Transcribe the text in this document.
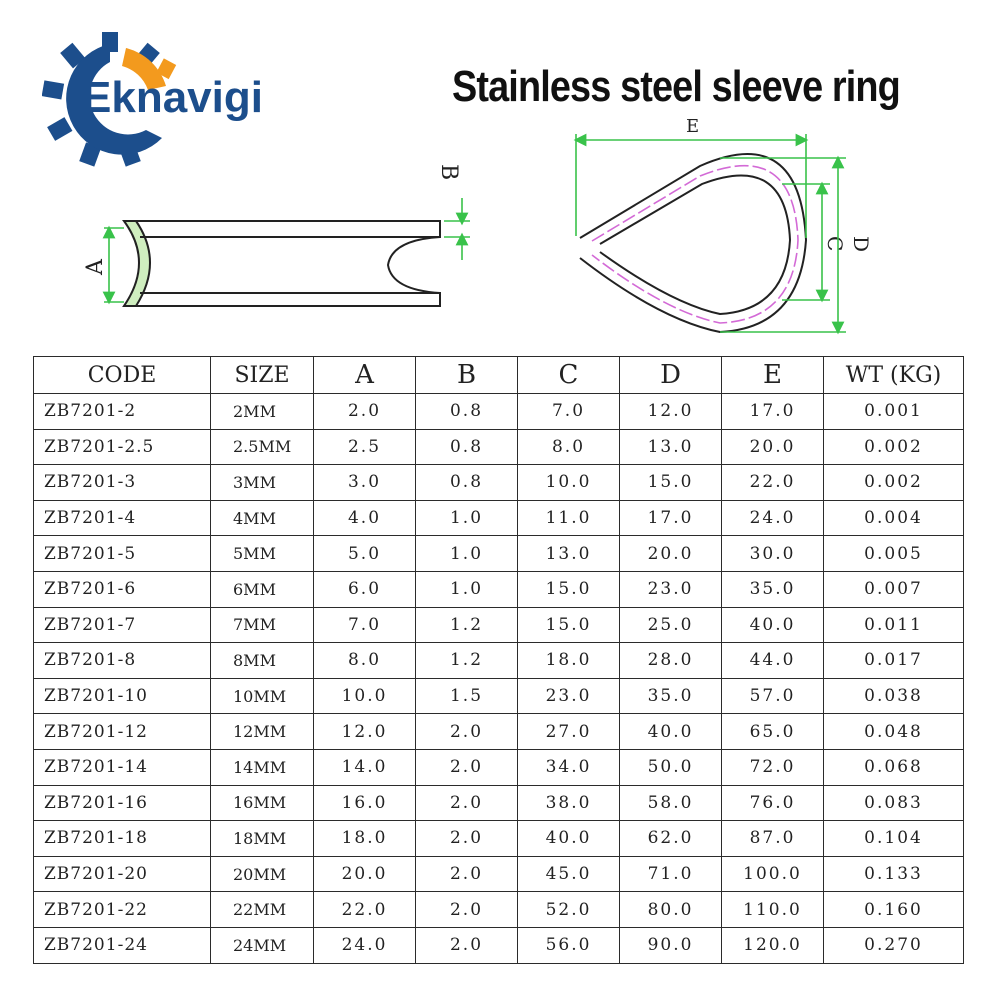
Eknavigi	Stainless steel sleeve ring
A
B
E
C D
CODE	SIZE	A	B	C	D	E	WT (KG)
ZB7201-2	2MM	2.0	0.8	7.0	12.0	17.0	0.001
ZB7201-2.5	2.5MM	2.5	0.8	8.0	13.0	20.0	0.002
ZB7201-3	3MM	3.0	0.8	10.0	15.0	22.0	0.002
ZB7201-4	4MM	4.0	1.0	11.0	17.0	24.0	0.004
ZB7201-5	5MM	5.0	1.0	13.0	20.0	30.0	0.005
ZB7201-6	6MM	6.0	1.0	15.0	23.0	35.0	0.007
ZB7201-7	7MM	7.0	1.2	15.0	25.0	40.0	0.011
ZB7201-8	8MM	8.0	1.2	18.0	28.0	44.0	0.017
ZB7201-10	10MM	10.0	1.5	23.0	35.0	57.0	0.038
ZB7201-12	12MM	12.0	2.0	27.0	40.0	65.0	0.048
ZB7201-14	14MM	14.0	2.0	34.0	50.0	72.0	0.068
ZB7201-16	16MM	16.0	2.0	38.0	58.0	76.0	0.083
ZB7201-18	18MM	18.0	2.0	40.0	62.0	87.0	0.104
ZB7201-20	20MM	20.0	2.0	45.0	71.0	100.0	0.133
ZB7201-22	22MM	22.0	2.0	52.0	80.0	110.0	0.160
ZB7201-24	24MM	24.0	2.0	56.0	90.0	120.0	0.270
